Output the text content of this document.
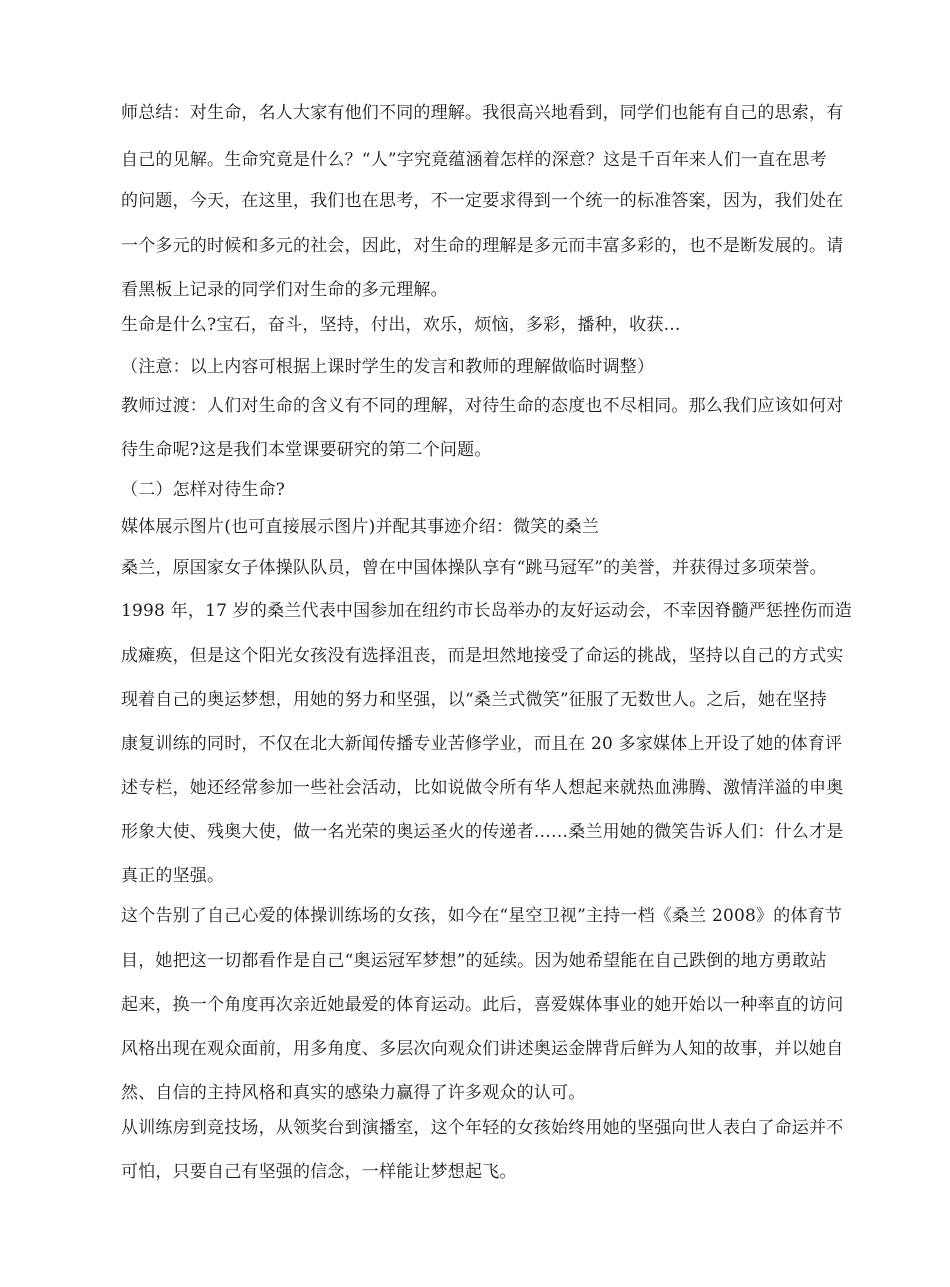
师总结：对生命，名人大家有他们不同的理解。我很高兴地看到，同学们也能有自己的思索，有
自己的见解。生命究竟是什么？“人”字究竟蕴涵着怎样的深意？这是千百年来人们一直在思考
的问题，今天，在这里，我们也在思考，不一定要求得到一个统一的标准答案，因为，我们处在
一个多元的时候和多元的社会，因此，对生命的理解是多元而丰富多彩的，也不是断发展的。请
看黑板上记录的同学们对生命的多元理解。
生命是什么?宝石，奋斗，坚持，付出，欢乐，烦恼，多彩，播种，收获…
（注意：以上内容可根据上课时学生的发言和教师的理解做临时调整）
教师过渡：人们对生命的含义有不同的理解，对待生命的态度也不尽相同。那么我们应该如何对
待生命呢?这是我们本堂课要研究的第二个问题。
（二）怎样对待生命?
媒体展示图片(也可直接展示图片)并配其事迹介绍：微笑的桑兰
桑兰，原国家女子体操队队员，曾在中国体操队享有“跳马冠军”的美誉，并获得过多项荣誉。
1998 年，17 岁的桑兰代表中国参加在纽约市长岛举办的友好运动会，不幸因脊髓严惩挫伤而造
成瘫痪，但是这个阳光女孩没有选择沮丧，而是坦然地接受了命运的挑战，坚持以自己的方式实
现着自己的奥运梦想，用她的努力和坚强，以“桑兰式微笑”征服了无数世人。之后，她在坚持
康复训练的同时，不仅在北大新闻传播专业苦修学业，而且在 20 多家媒体上开设了她的体育评
述专栏，她还经常参加一些社会活动，比如说做令所有华人想起来就热血沸腾、激情洋溢的申奥
形象大使、残奥大使，做一名光荣的奥运圣火的传递者……桑兰用她的微笑告诉人们：什么才是
真正的坚强。
这个告别了自己心爱的体操训练场的女孩，如今在“星空卫视”主持一档《桑兰 2008》的体育节
目，她把这一切都看作是自己“奥运冠军梦想”的延续。因为她希望能在自己跌倒的地方勇敢站
起来，换一个角度再次亲近她最爱的体育运动。此后，喜爱媒体事业的她开始以一种率直的访问
风格出现在观众面前，用多角度、多层次向观众们讲述奥运金牌背后鲜为人知的故事，并以她自
然、自信的主持风格和真实的感染力赢得了许多观众的认可。
从训练房到竞技场，从领奖台到演播室，这个年轻的女孩始终用她的坚强向世人表白了命运并不
可怕，只要自己有坚强的信念，一样能让梦想起飞。
